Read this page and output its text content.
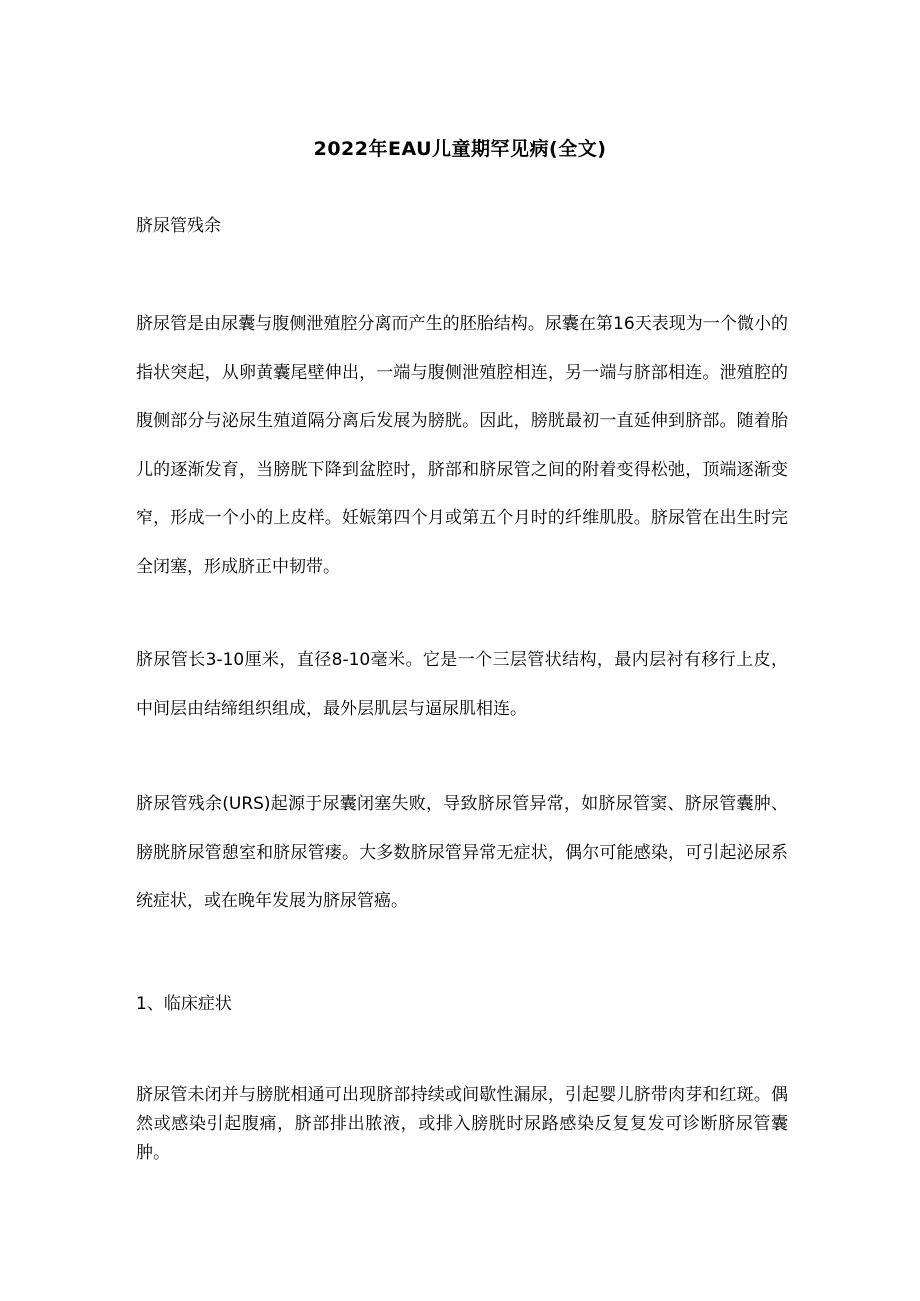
2022年EAU儿童期罕见病(全文)

脐尿管残余

脐尿管是由尿囊与腹侧泄殖腔分离而产生的胚胎结构。尿囊在第16天表现为一个微小的指状突起，从卵黄囊尾壁伸出，一端与腹侧泄殖腔相连，另一端与脐部相连。泄殖腔的腹侧部分与泌尿生殖道隔分离后发展为膀胱。因此，膀胱最初一直延伸到脐部。随着胎儿的逐渐发育，当膀胱下降到盆腔时，脐部和脐尿管之间的附着变得松弛，顶端逐渐变窄，形成一个小的上皮样。妊娠第四个月或第五个月时的纤维肌股。脐尿管在出生时完全闭塞，形成脐正中韧带。

脐尿管长3-10厘米，直径8-10毫米。它是一个三层管状结构，最内层衬有移行上皮，中间层由结缔组织组成，最外层肌层与逼尿肌相连。

脐尿管残余(URS)起源于尿囊闭塞失败，导致脐尿管异常，如脐尿管窦、脐尿管囊肿、膀胱脐尿管憩室和脐尿管瘘。大多数脐尿管异常无症状，偶尔可能感染，可引起泌尿系统症状，或在晚年发展为脐尿管癌。

1、临床症状

脐尿管未闭并与膀胱相通可出现脐部持续或间歇性漏尿，引起婴儿脐带肉芽和红斑。偶然或感染引起腹痛，脐部排出脓液，或排入膀胱时尿路感染反复复发可诊断脐尿管囊肿。
